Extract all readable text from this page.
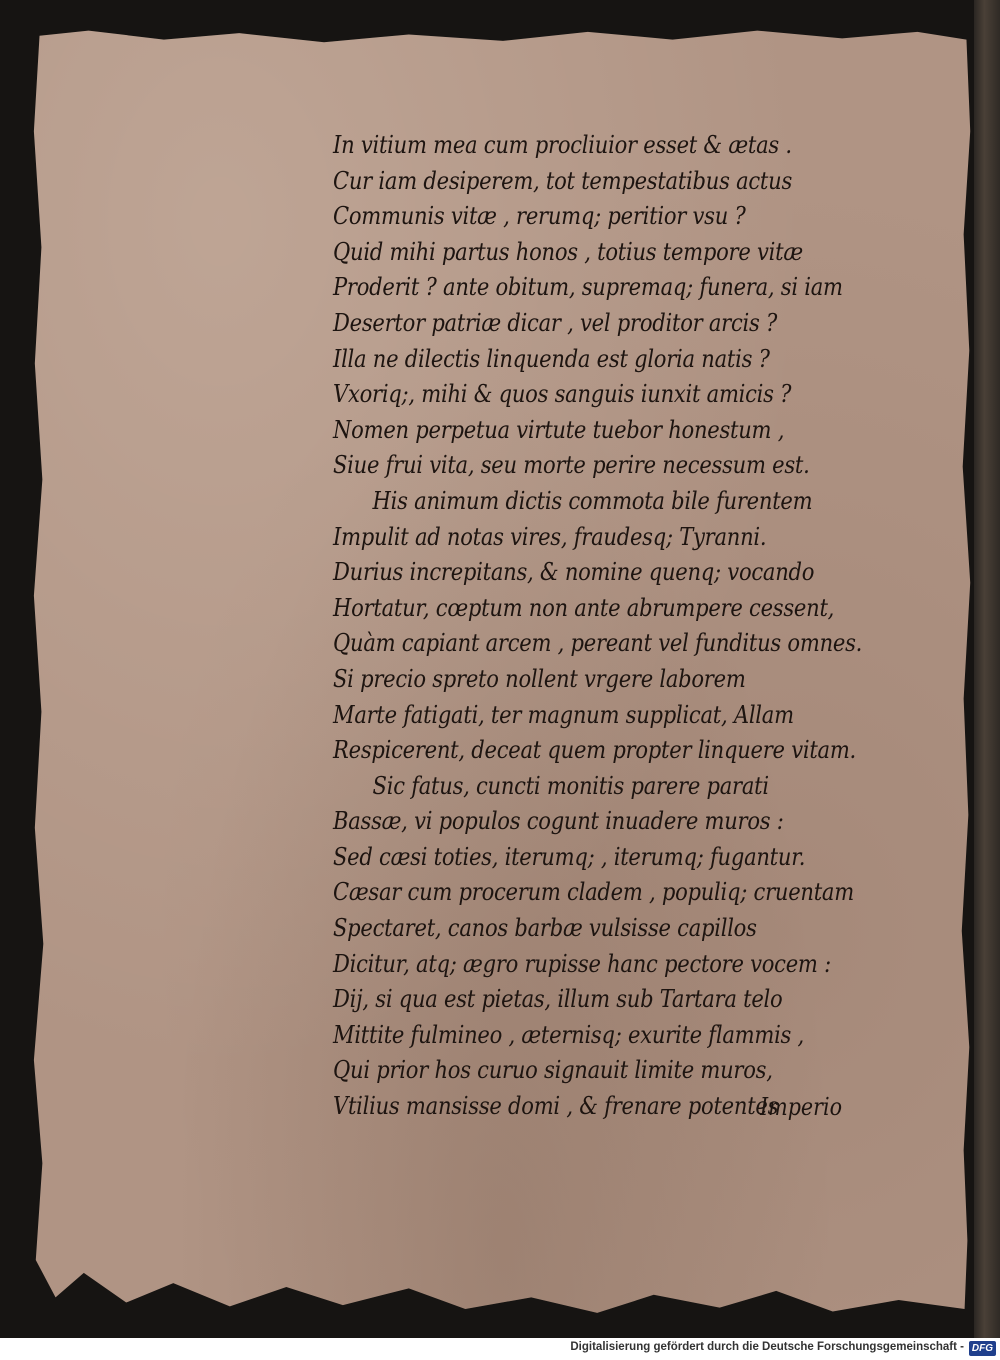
In vitium mea cum procliuior esset & ætas .
Cur iam desiperem, tot tempestatibus actus
Communis vitæ , rerumq; peritior vsu ?
Quid mihi partus honos , totius tempore vitæ
Proderit ? ante obitum, supremaq; funera, si iam
Desertor patriæ dicar , vel proditor arcis ?
Illa ne dilectis linquenda est gloria natis ?
Vxoriq;, mihi & quos sanguis iunxit amicis ?
Nomen perpetua virtute tuebor honestum ,
Siue frui vita, seu morte perire necessum est.
His animum dictis commota bile furentem
Impulit ad notas vires, fraudesq; Tyranni.
Durius increpitans, & nomine quenq; vocando
Hortatur, cœptum non ante abrumpere cessent,
Quàm capiant arcem , pereant vel funditus omnes.
Si precio spreto nollent vrgere laborem
Marte fatigati, ter magnum supplicat, Allam
Respicerent, deceat quem propter linquere vitam.
Sic fatus, cuncti monitis parere parati
Bassæ, vi populos cogunt inuadere muros :
Sed cæsi toties, iterumq; , iterumq; fugantur.
Cæsar cum procerum cladem , populiq; cruentam
Spectaret, canos barbæ vulsisse capillos
Dicitur, atq; ægro rupisse hanc pectore vocem :
Dij, si qua est pietas, illum sub Tartara telo
Mittite fulmineo , æternisq; exurite flammis ,
Qui prior hos curuo signauit limite muros,
Vtilius mansisse domi , & frenare potentes
Imperio
Digitalisierung gefördert durch die Deutsche Forschungsgemeinschaft - DFG
